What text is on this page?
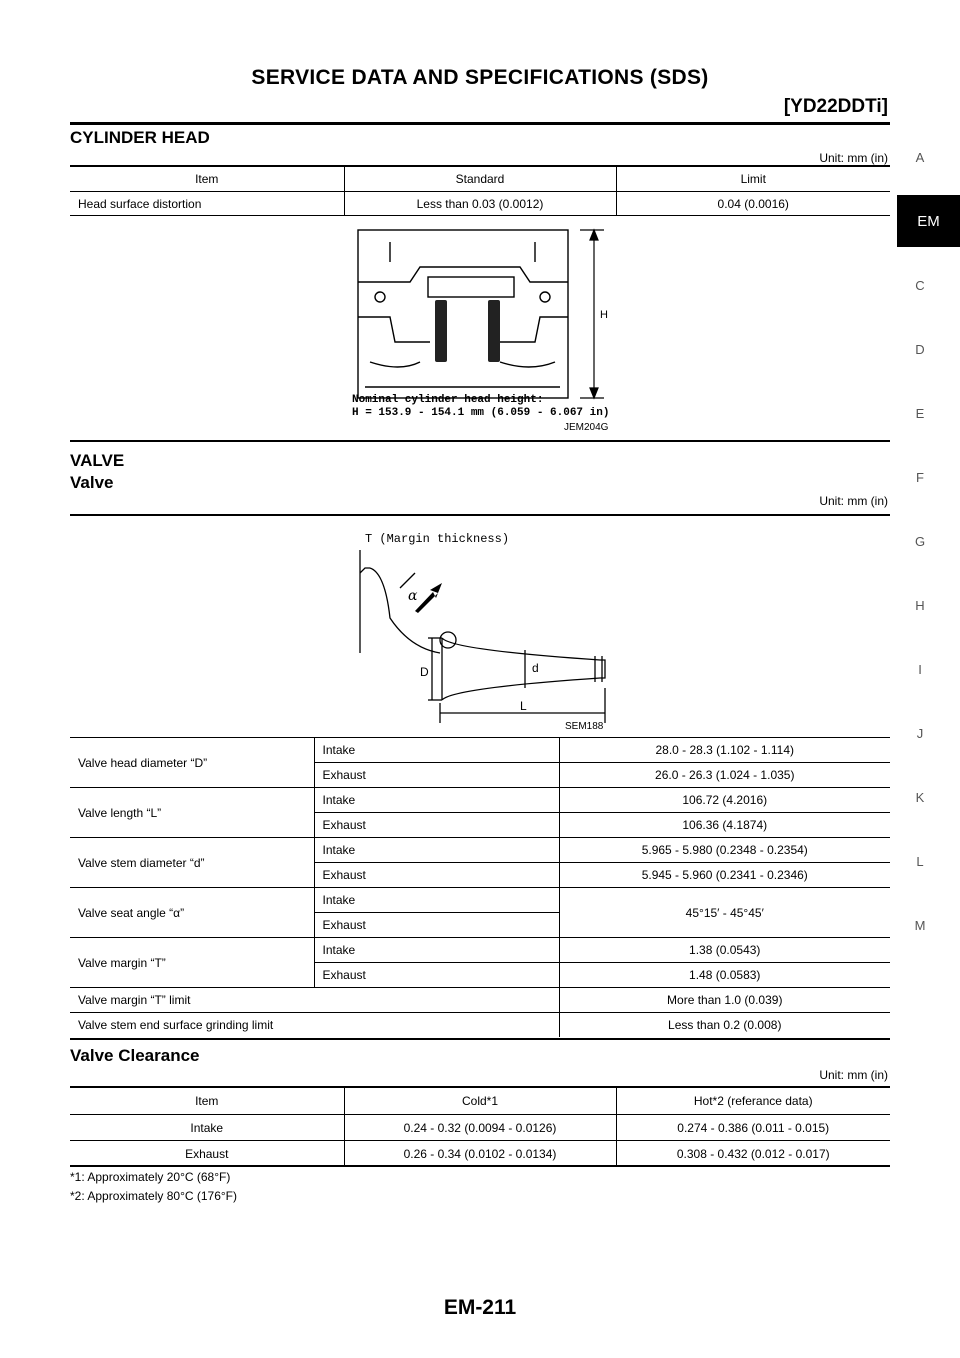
SERVICE DATA AND SPECIFICATIONS (SDS)
[YD22DDTi]
A
EM
C
D
E
F
G
H
I
J
K
L
M
CYLINDER HEAD
Unit: mm (in)
Item	Standard	Limit
Head surface distortion	Less than 0.03 (0.0012)	0.04 (0.0016)
H
Nominal cylinder head height:
H = 153.9 - 154.1 mm (6.059 - 6.067 in)
JEM204G
VALVE
Valve
Unit: mm (in)
T (Margin thickness)
α
D	d
L
SEM188
Valve head diameter “D”	Intake	28.0 - 28.3 (1.102 - 1.114)
	Exhaust	26.0 - 26.3 (1.024 - 1.035)
Valve length “L”	Intake	106.72 (4.2016)
	Exhaust	106.36 (4.1874)
Valve stem diameter “d”	Intake	5.965 - 5.980 (0.2348 - 0.2354)
	Exhaust	5.945 - 5.960 (0.2341 - 0.2346)
Valve seat angle “α”	Intake	45°15′ - 45°45′
	Exhaust	
Valve margin “T”	Intake	1.38 (0.0543)
	Exhaust	1.48 (0.0583)
Valve margin “T” limit		More than 1.0 (0.039)
Valve stem end surface grinding limit		Less than 0.2 (0.008)
Valve Clearance
Unit: mm (in)
Item	Cold*1	Hot*2 (referance data)
Intake	0.24 - 0.32 (0.0094 - 0.0126)	0.274 - 0.386 (0.011 - 0.015)
Exhaust	0.26 - 0.34 (0.0102 - 0.0134)	0.308 - 0.432 (0.012 - 0.017)
*1: Approximately 20°C (68°F)
*2: Approximately 80°C (176°F)
EM-211
